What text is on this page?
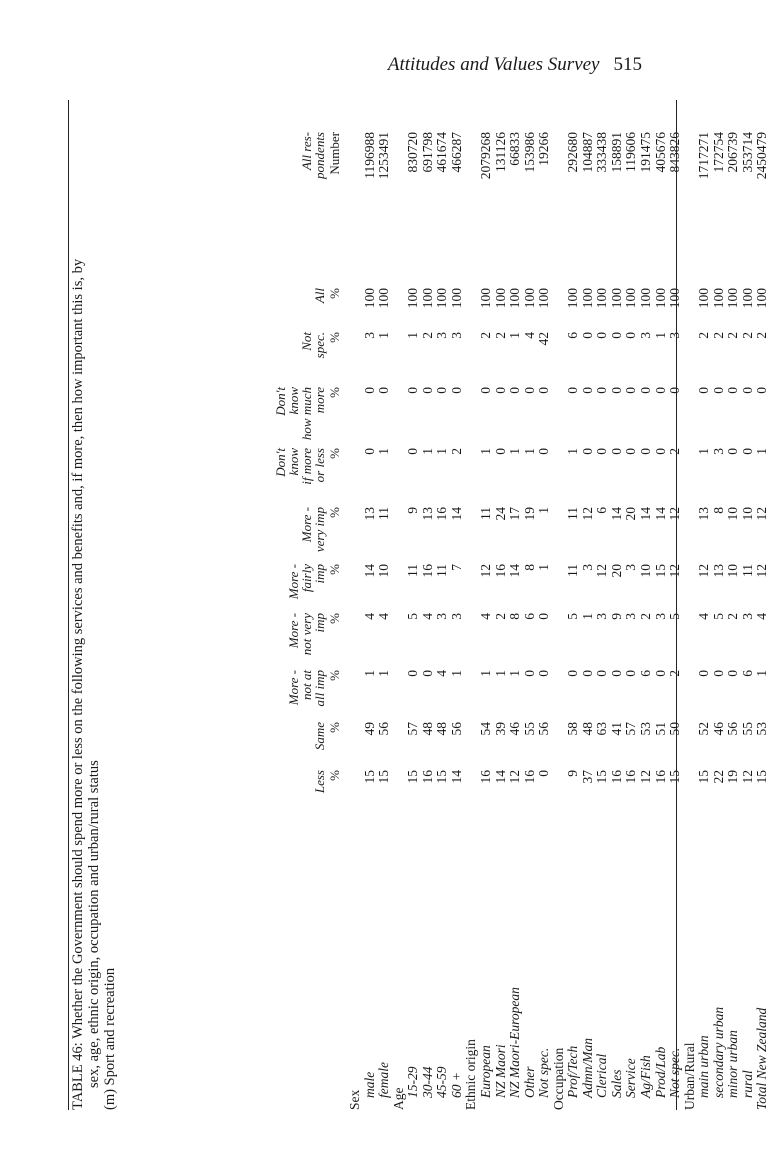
Attitudes and Values Survey 515
TABLE 46: Whether the Government should spend more or less on the following services and benefits and, if more, then how important this is, by sex, age, ethnic origin, occupation and urban/rural status (m) Sport and recreation
Less %
Same %
More -
not at
all imp %
More -
not very
imp %
More -
fairly
imp %
More -
very imp %
Don't
know
if more
or less %
Don't
know
how much
more %
Not
spec. %
All %
All res-
pondents Number
Sex
male
15
49
1
4
14
13
0
0
3
100
1196988
female
15
56
1
4
10
11
1
0
1
100
1253491
Age
15-29
15
57
0
5
11
9
0
0
1
100
830720
30-44
16
48
0
4
16
13
1
0
2
100
691798
45-59
15
48
4
3
11
16
1
0
3
100
461674
60 +
14
56
1
3
7
14
2
0
3
100
466287
Ethnic origin European
16
54
1
4
12
11
1
0
2
100
2079268
NZ Maori
14
39
1
2
16
24
0
0
2
100
131126
NZ Maori-European
12
46
1
8
14
17
1
0
1
100
66833
Other
16
55
0
6
8
19
1
0
4
100
153986
Not spec.
0
56
0
0
1
1
0
0
42
100
19266
Occupation Prof/Tech
9
58
0
5
11
11
1
0
6
100
292680
Admn/Man
37
48
0
1
3
12
0
0
0
100
104887
Clerical
15
63
0
3
12
6
0
0
0
100
333438
Sales
16
41
0
9
20
14
0
0
0
100
158891
Service
16
57
0
3
3
20
0
0
0
100
119606
Ag/Fish
12
53
6
2
10
14
0
0
3
100
191475
Prod/Lab
16
51
0
3
15
14
0
0
1
100
405676
Not spec.
15
50
2
5
12
12
2
0
3
100
843826
Urban/Rural main urban
15
52
0
4
12
13
1
0
2
100
1717271
secondary urban
22
46
0
5
13
8
3
0
2
100
172754
minor urban
19
56
0
2
10
10
0
0
2
100
206739
rural
12
55
6
3
11
10
0
0
2
100
353714
Total New Zealand
15
53
1
4
12
12
1
0
2
100
2450479
